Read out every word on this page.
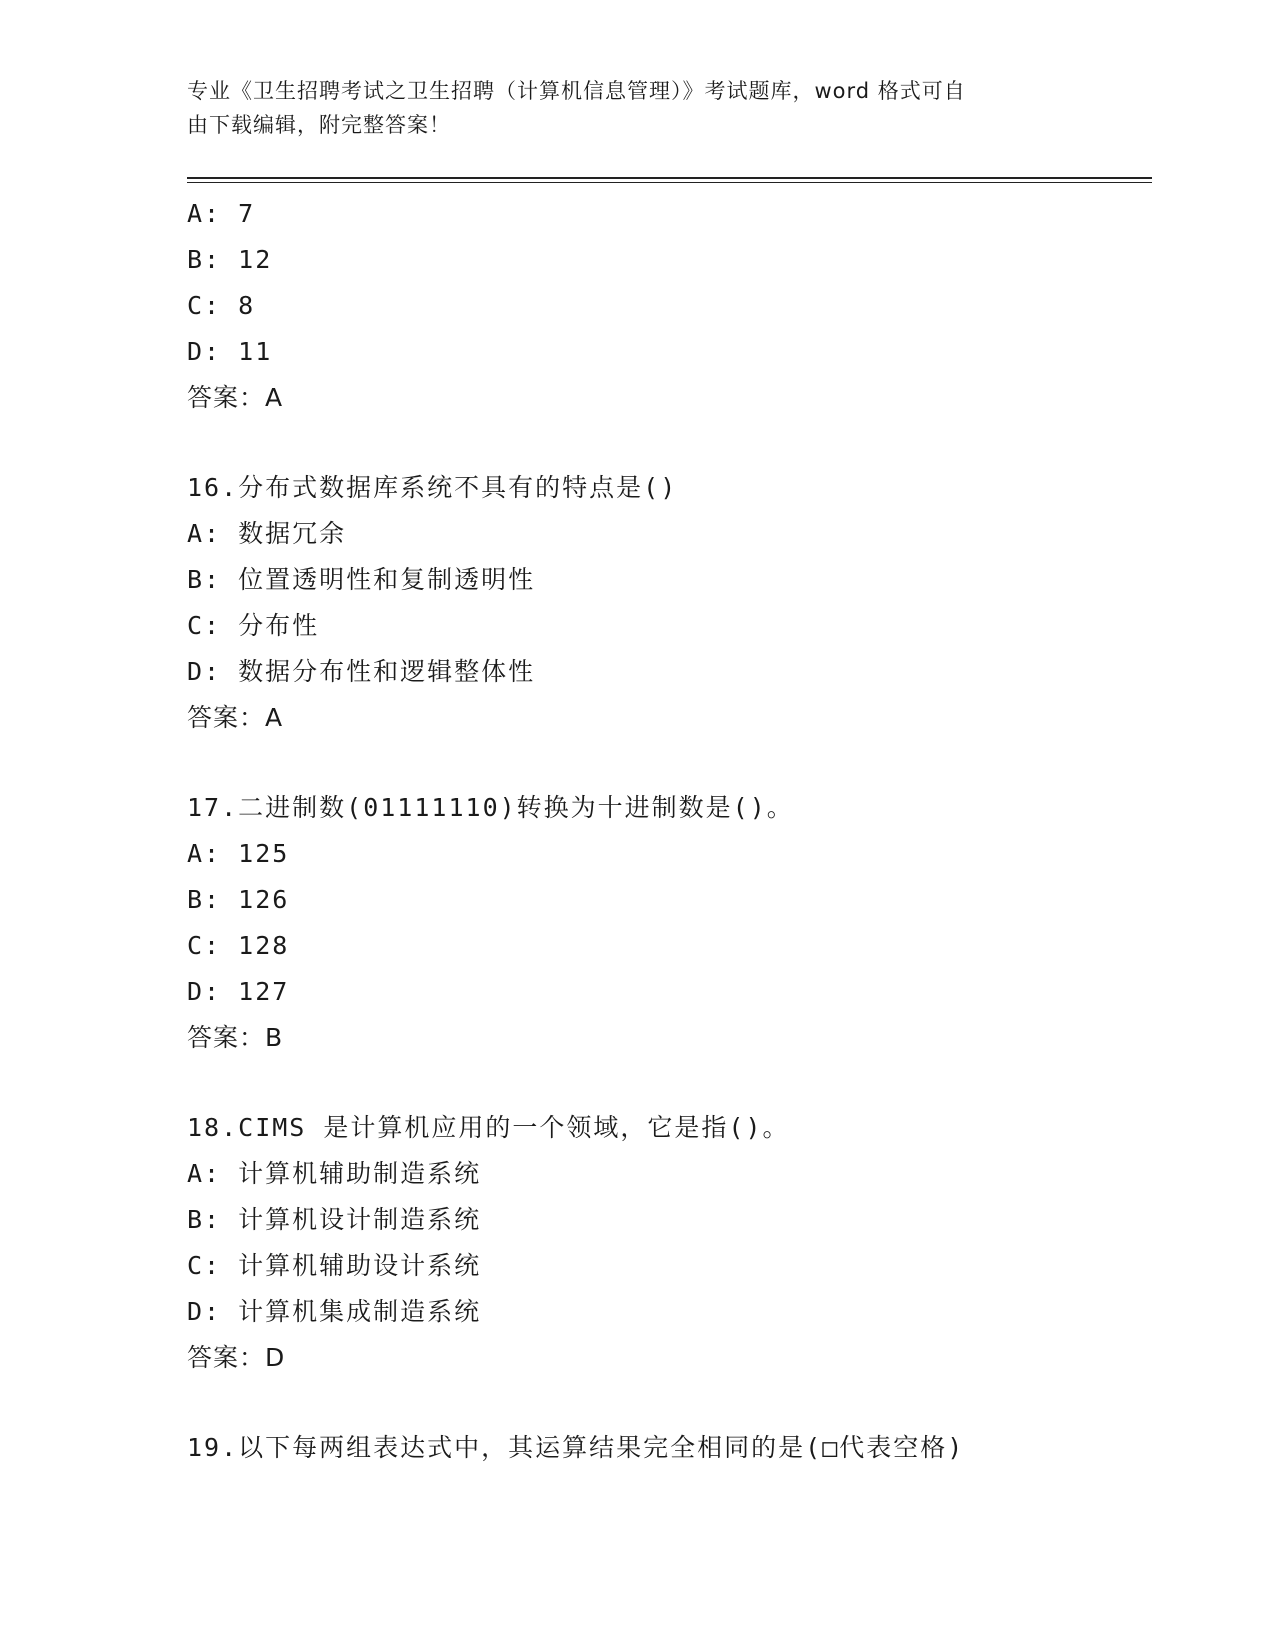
专业《卫生招聘考试之卫生招聘（计算机信息管理）》考试题库，word 格式可自
由下载编辑，附完整答案！
A: 7
B: 12
C: 8
D: 11
答案：A
16.分布式数据库系统不具有的特点是()
A: 数据冗余
B: 位置透明性和复制透明性
C: 分布性
D: 数据分布性和逻辑整体性
答案：A
17.二进制数(01111110)转换为十进制数是()。
A: 125
B: 126
C: 128
D: 127
答案：B
18.CIMS 是计算机应用的一个领域，它是指()。
A: 计算机辅助制造系统
B: 计算机设计制造系统
C: 计算机辅助设计系统
D: 计算机集成制造系统
答案：D
19.以下每两组表达式中，其运算结果完全相同的是(□代表空格)
